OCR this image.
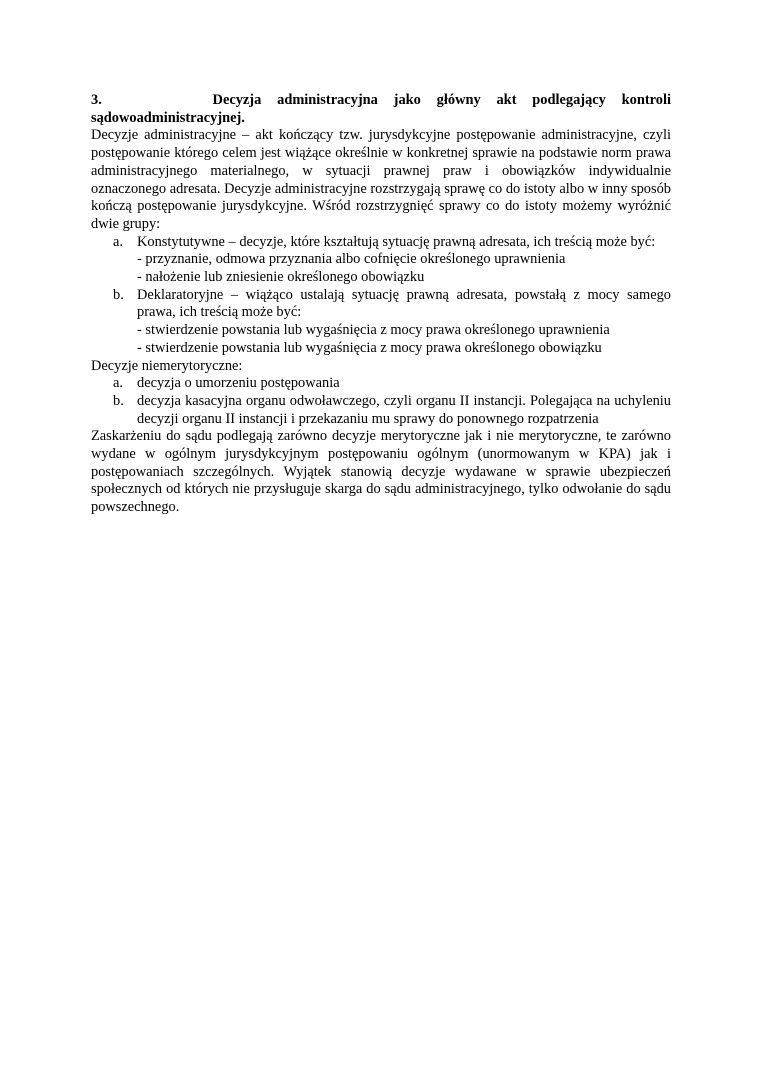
3.       Decyzja administracyjna jako główny akt podlegający kontroli
sądowoadministracyjnej.
Decyzje administracyjne – akt kończący tzw. jurysdykcyjne postępowanie administracyjne, czyli postępowanie którego celem jest wiążące określnie w konkretnej sprawie na podstawie norm prawa administracyjnego materialnego, w sytuacji prawnej praw i obowiązków indywidualnie oznaczonego adresata. Decyzje administracyjne rozstrzygają sprawę co do istoty albo w inny sposób kończą postępowanie jurysdykcyjne. Wśród rozstrzygnięć sprawy co do istoty możemy wyróżnić dwie grupy:
a. Konstytutywne – decyzje, które kształtują sytuację prawną adresata, ich treścią może być:
- przyznanie, odmowa przyznania albo cofnięcie określonego uprawnienia
- nałożenie lub zniesienie określonego obowiązku
b. Deklaratoryjne – wiążąco ustalają sytuację prawną adresata, powstałą z mocy samego prawa, ich treścią może być:
- stwierdzenie powstania lub wygaśnięcia z mocy prawa określonego uprawnienia
- stwierdzenie powstania lub wygaśnięcia z mocy prawa określonego obowiązku
Decyzje niemerytoryczne:
a. decyzja o umorzeniu postępowania
b. decyzja kasacyjna organu odwoławczego, czyli organu II instancji. Polegająca na uchyleniu decyzji organu II instancji i przekazaniu mu sprawy do ponownego rozpatrzenia
Zaskarżeniu do sądu podlegają zarówno decyzje merytoryczne jak i nie merytoryczne, te zarówno wydane w ogólnym jurysdykcyjnym postępowaniu ogólnym (unormowanym w KPA) jak i postępowaniach szczególnych. Wyjątek stanowią decyzje wydawane w sprawie ubezpieczeń społecznych od których nie przysługuje skarga do sądu administracyjnego, tylko odwołanie do sądu powszechnego.
